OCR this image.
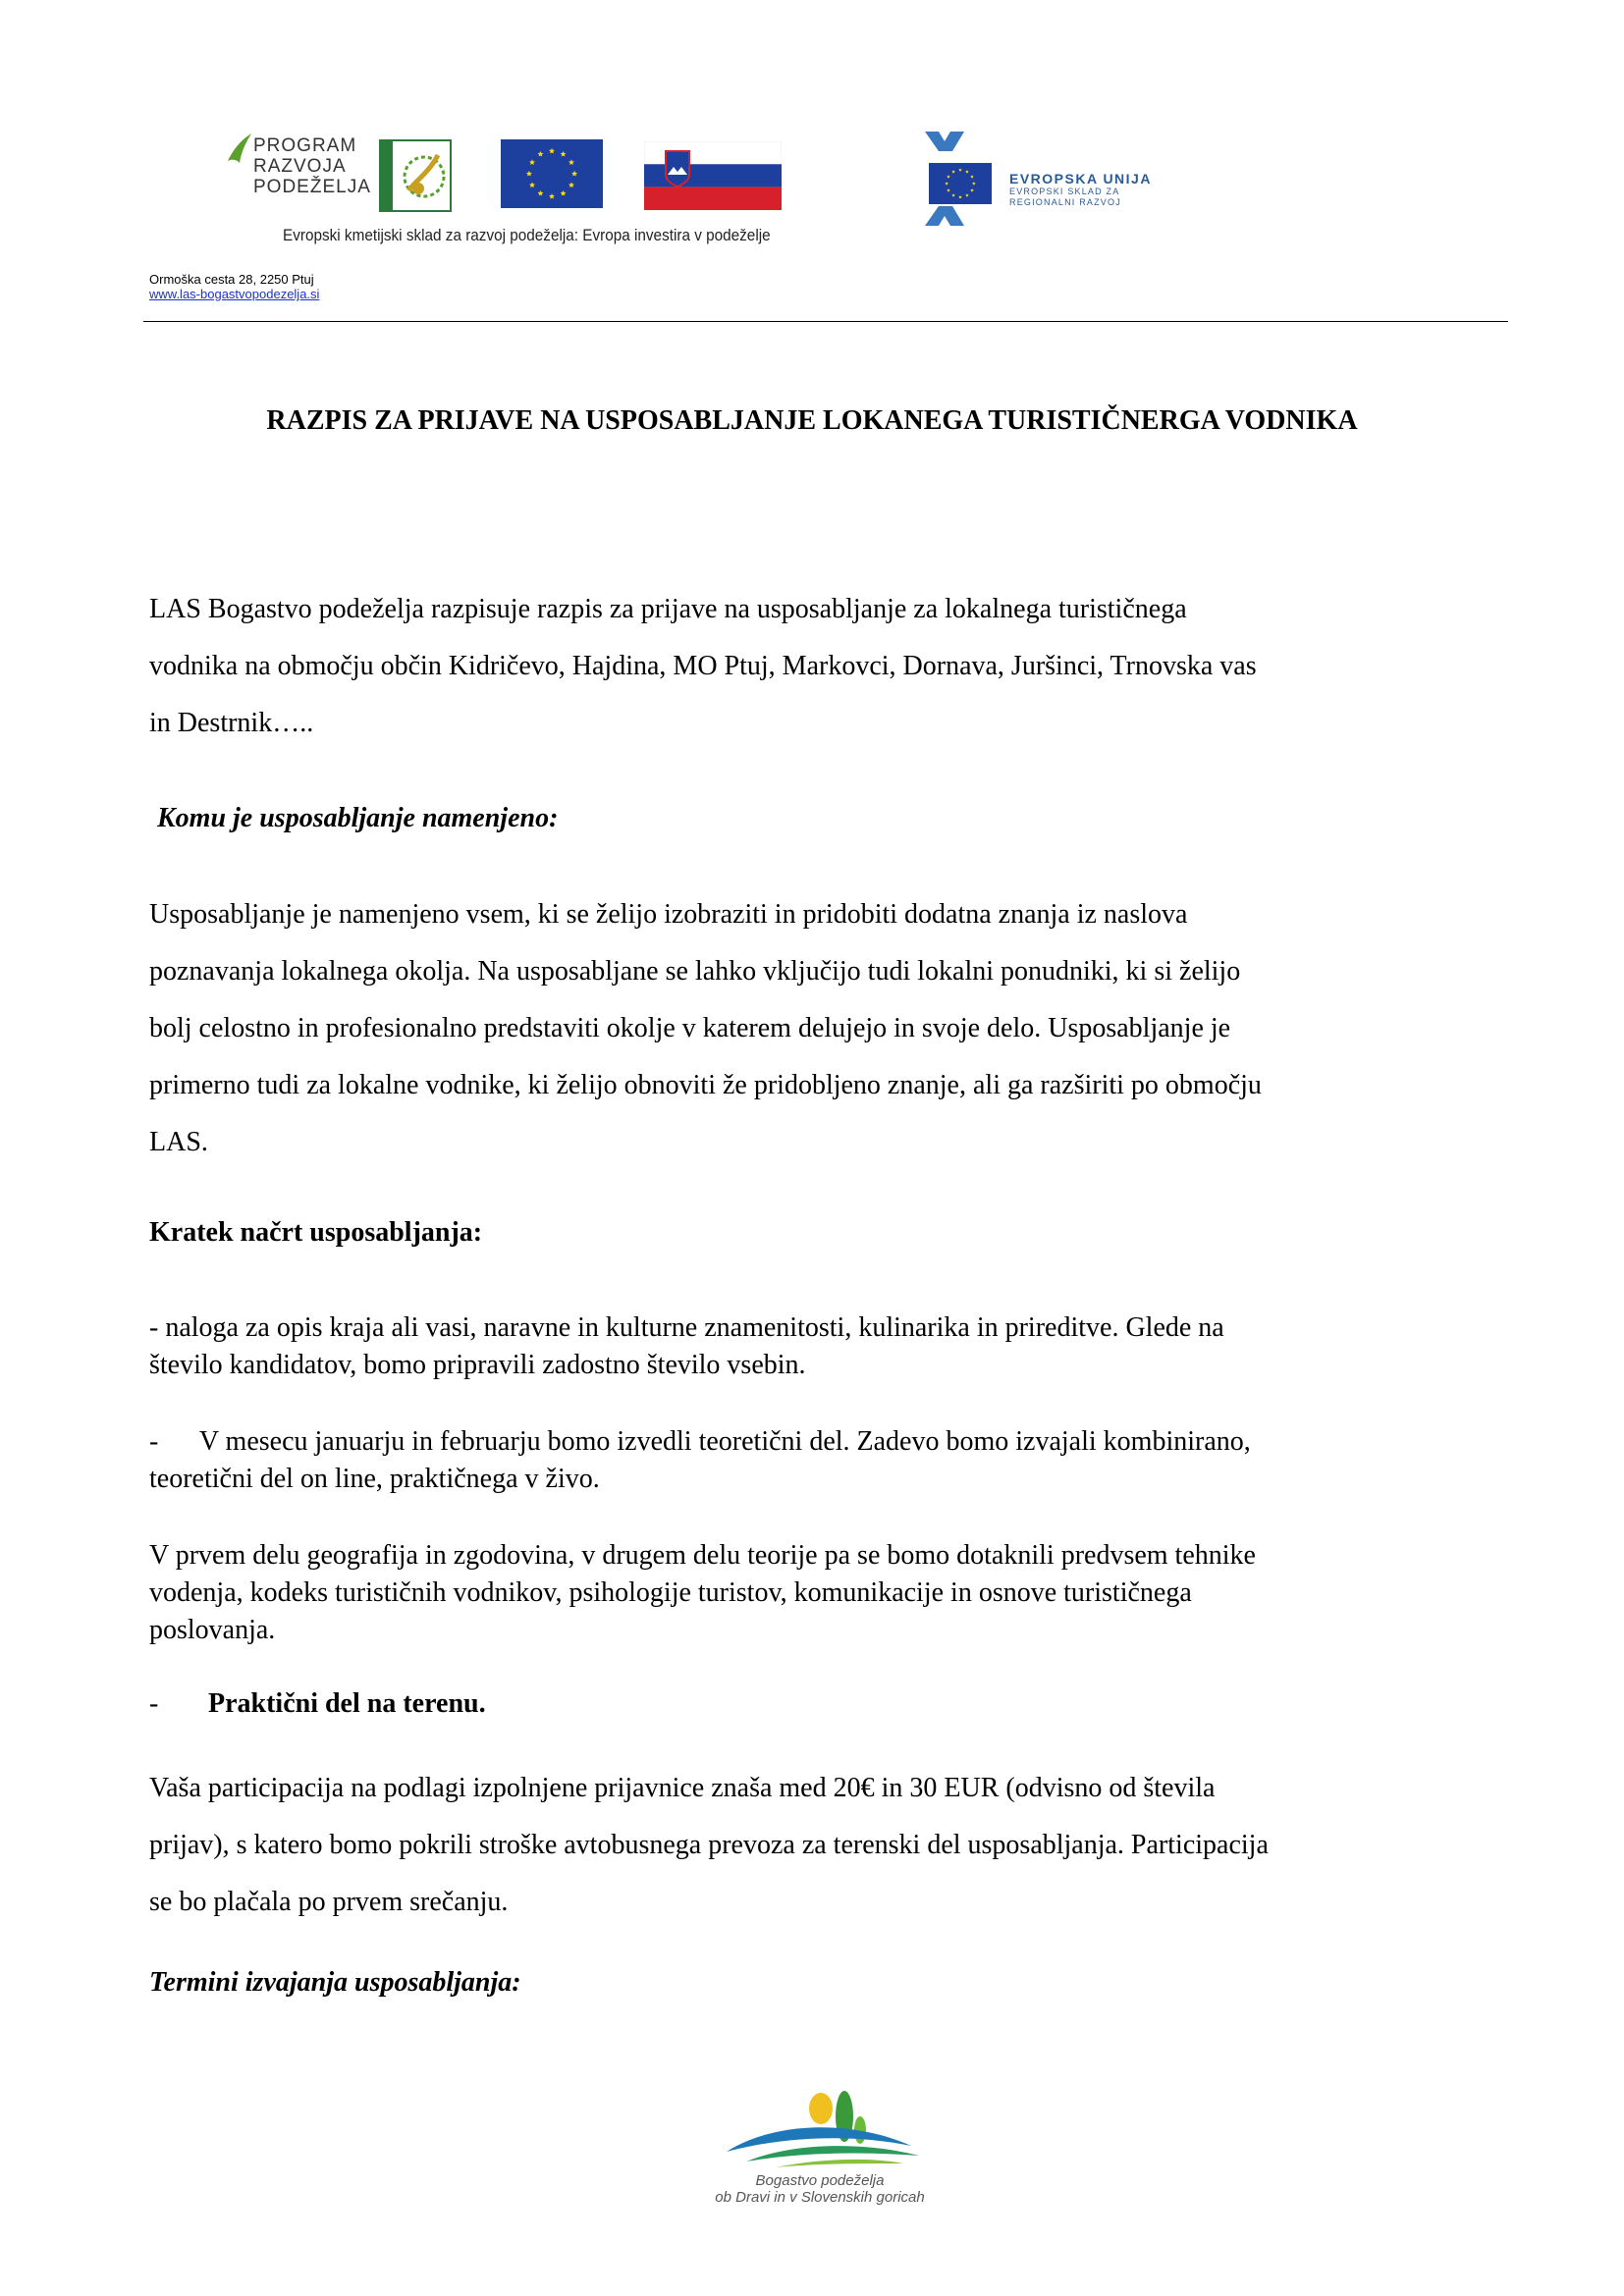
PROGRAM
RAZVOJA
PODEŽELJA
Evropski kmetijski sklad za razvoj podeželja: Evropa investira v podeželje
EVROPSKA UNIJA
EVROPSKI SKLAD ZA
REGIONALNI RAZVOJ
Ormoška cesta 28, 2250 Ptuj
www.las-bogastvopodezelja.si
RAZPIS ZA PRIJAVE NA USPOSABLJANJE LOKANEGA TURISTIČNERGA VODNIKA
LAS Bogastvo podeželja razpisuje razpis za prijave na usposabljanje za lokalnega turističnega
vodnika na območju občin Kidričevo, Hajdina, MO Ptuj, Markovci, Dornava, Juršinci, Trnovska vas
in Destrnik…..
Komu je usposabljanje namenjeno:
Usposabljanje je namenjeno vsem, ki se želijo izobraziti in pridobiti dodatna znanja iz naslova
poznavanja lokalnega okolja. Na usposabljane se lahko vključijo tudi lokalni ponudniki, ki si želijo
bolj celostno in profesionalno predstaviti okolje v katerem delujejo in svoje delo. Usposabljanje je
primerno tudi za lokalne vodnike, ki želijo obnoviti že pridobljeno znanje, ali ga razširiti po območju
LAS.
Kratek načrt usposabljanja:
- naloga za opis kraja ali vasi, naravne in kulturne znamenitosti, kulinarika in prireditve. Glede na
število kandidatov, bomo pripravili zadostno število vsebin.
-      V mesecu januarju in februarju bomo izvedli teoretični del. Zadevo bomo izvajali kombinirano,
teoretični del on line, praktičnega v živo.
V prvem delu geografija in zgodovina, v drugem delu teorije pa se bomo dotaknili predvsem tehnike
vodenja, kodeks turističnih vodnikov, psihologije turistov, komunikacije in osnove turističnega
poslovanja.
- Praktični del na terenu.
Vaša participacija na podlagi izpolnjene prijavnice znaša med 20€ in 30 EUR (odvisno od števila
prijav), s katero bomo pokrili stroške avtobusnega prevoza za terenski del usposabljanja. Participacija
se bo plačala po prvem srečanju.
Termini izvajanja usposabljanja:
Bogastvo podeželja
ob Dravi in v Slovenskih goricah
